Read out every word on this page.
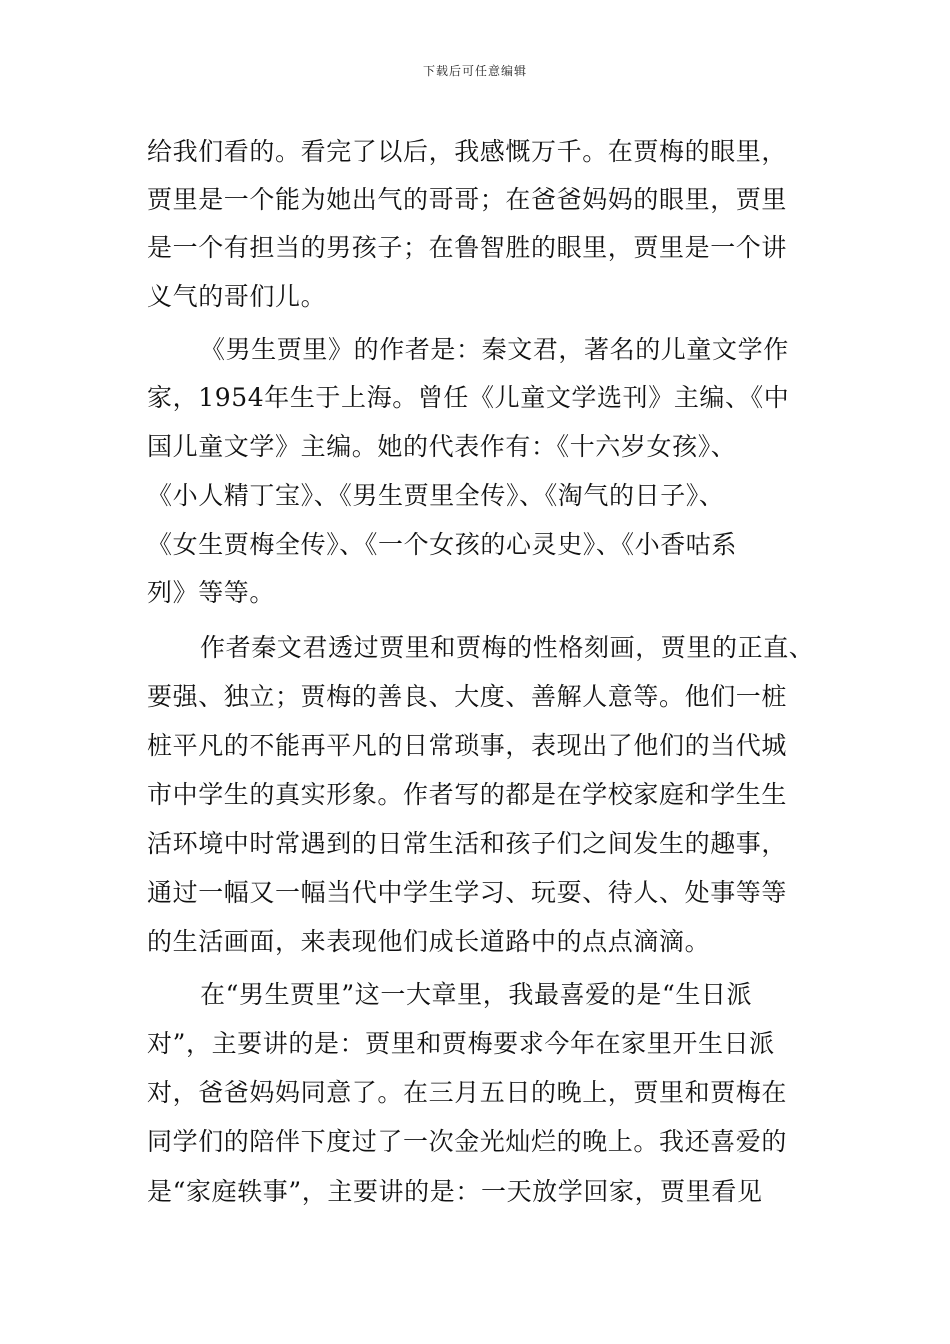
下载后可任意编辑
给我们看的。看完了以后，我感慨万千。在贾梅的眼里，
贾里是一个能为她出气的哥哥；在爸爸妈妈的眼里，贾里
是一个有担当的男孩子；在鲁智胜的眼里，贾里是一个讲
义气的哥们儿。
《男生贾里》的作者是：秦文君，著名的儿童文学作
家，1954年生于上海。曾任《儿童文学选刊》主编、《中
国儿童文学》主编。她的代表作有：《十六岁女孩》、
《小人精丁宝》、《男生贾里全传》、《淘气的日子》、
《女生贾梅全传》、《一个女孩的心灵史》、《小香咕系
列》等等。
作者秦文君透过贾里和贾梅的性格刻画，贾里的正直、
要强、独立；贾梅的善良、大度、善解人意等。他们一桩
桩平凡的不能再平凡的日常琐事，表现出了他们的当代城
市中学生的真实形象。作者写的都是在学校家庭和学生生
活环境中时常遇到的日常生活和孩子们之间发生的趣事，
通过一幅又一幅当代中学生学习、玩耍、待人、处事等等
的生活画面，来表现他们成长道路中的点点滴滴。
在“男生贾里”这一大章里，我最喜爱的是“生日派
对”，主要讲的是：贾里和贾梅要求今年在家里开生日派
对，爸爸妈妈同意了。在三月五日的晚上，贾里和贾梅在
同学们的陪伴下度过了一次金光灿烂的晚上。我还喜爱的
是“家庭轶事”，主要讲的是：一天放学回家，贾里看见
